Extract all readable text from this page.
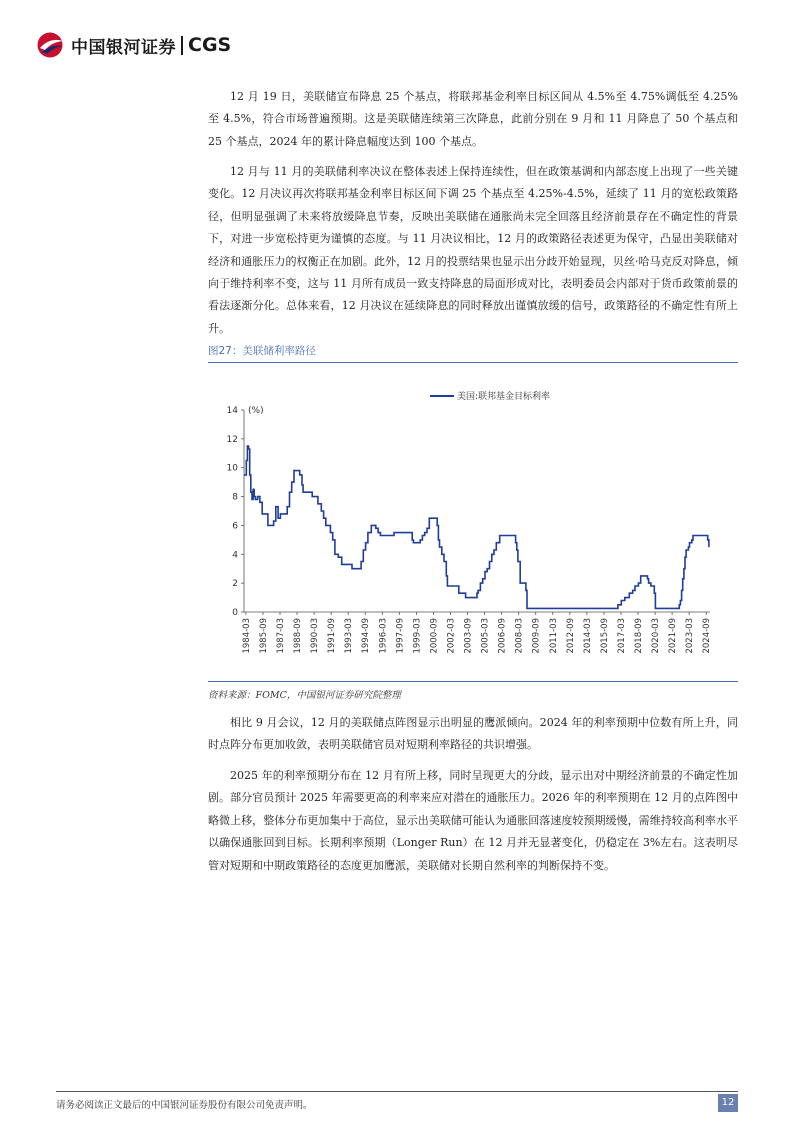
中国银河证券 CGS

12 月 19 日，美联储宣布降息 25 个基点，将联邦基金利率目标区间从 4.5%至 4.75%调低至 4.25%至 4.5%，符合市场普遍预期。这是美联储连续第三次降息，此前分别在 9 月和 11 月降息了 50 个基点和 25 个基点，2024 年的累计降息幅度达到 100 个基点。

12 月与 11 月的美联储利率决议在整体表述上保持连续性，但在政策基调和内部态度上出现了一些关键变化。12 月决议再次将联邦基金利率目标区间下调 25 个基点至 4.25%-4.5%，延续了 11 月的宽松政策路径，但明显强调了未来将放缓降息节奏，反映出美联储在通胀尚未完全回落且经济前景存在不确定性的背景下，对进一步宽松持更为谨慎的态度。与 11 月决议相比，12 月的政策路径表述更为保守，凸显出美联储对经济和通胀压力的权衡正在加剧。此外，12 月的投票结果也显示出分歧开始显现，贝丝·哈马克反对降息，倾向于维持利率不变，这与 11 月所有成员一致支持降息的局面形成对比，表明委员会内部对于货币政策前景的看法逐渐分化。总体来看，12 月决议在延续降息的同时释放出谨慎放缓的信号，政策路径的不确定性有所上升。

图27：美联储利率路径
0
2
4
6
8
10
12
14
1984-03 1985-09 1987-03 1988-09 1990-03 1991-09 1993-03 1994-09 1996-03 1997-09 1999-03 2000-09 2002-03 2003-09 2005-03 2006-09 2008-03 2009-09 2011-03 2012-09 2014-03 2015-09 2017-03 2018-09 2020-03 2021-09 2023-03 2024-09
(%)
美国:联邦基金目标利率
资料来源：FOMC，中国银河证券研究院整理

相比 9 月会议，12 月的美联储点阵图显示出明显的鹰派倾向。2024 年的利率预期中位数有所上升，同时点阵分布更加收敛，表明美联储官员对短期利率路径的共识增强。

2025 年的利率预期分布在 12 月有所上移，同时呈现更大的分歧，显示出对中期经济前景的不确定性加剧。部分官员预计 2025 年需要更高的利率来应对潜在的通胀压力。2026 年的利率预期在 12 月的点阵图中略微上移，整体分布更加集中于高位，显示出美联储可能认为通胀回落速度较预期缓慢，需维持较高利率水平以确保通胀回到目标。长期利率预期（Longer Run）在 12 月并无显著变化，仍稳定在 3%左右。这表明尽管对短期和中期政策路径的态度更加鹰派，美联储对长期自然利率的判断保持不变。

请务必阅读正文最后的中国银河证券股份有限公司免责声明。	12
